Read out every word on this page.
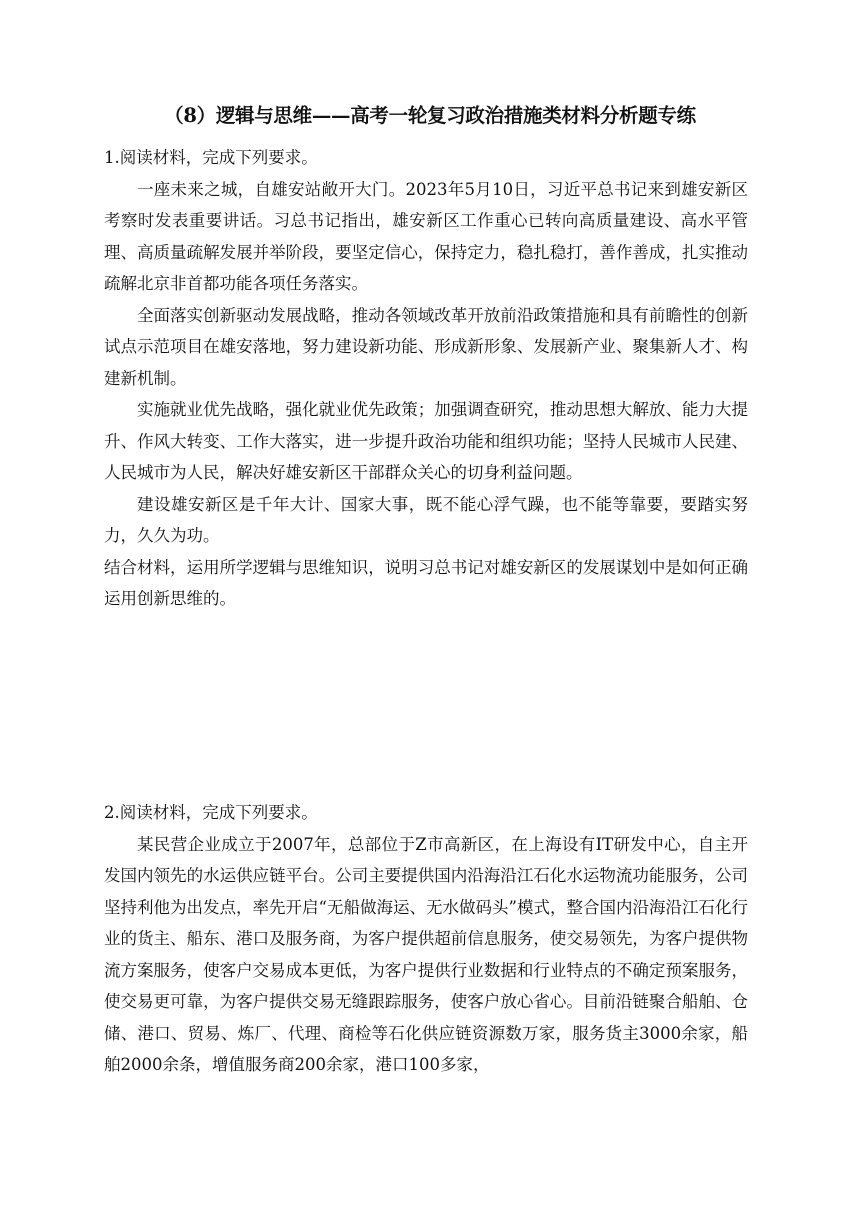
（8）逻辑与思维——高考一轮复习政治措施类材料分析题专练

1.阅读材料，完成下列要求。

一座未来之城，自雄安站敞开大门。2023年5月10日，习近平总书记来到雄安新区考察时发表重要讲话。习总书记指出，雄安新区工作重心已转向高质量建设、高水平管理、高质量疏解发展并举阶段，要坚定信心，保持定力，稳扎稳打，善作善成，扎实推动疏解北京非首都功能各项任务落实。

全面落实创新驱动发展战略，推动各领域改革开放前沿政策措施和具有前瞻性的创新试点示范项目在雄安落地，努力建设新功能、形成新形象、发展新产业、聚集新人才、构建新机制。

实施就业优先战略，强化就业优先政策；加强调查研究，推动思想大解放、能力大提升、作风大转变、工作大落实，进一步提升政治功能和组织功能；坚持人民城市人民建、人民城市为人民，解决好雄安新区干部群众关心的切身利益问题。

建设雄安新区是千年大计、国家大事，既不能心浮气躁，也不能等靠要，要踏实努力，久久为功。

结合材料，运用所学逻辑与思维知识，说明习总书记对雄安新区的发展谋划中是如何正确运用创新思维的。

2.阅读材料，完成下列要求。

某民营企业成立于2007年，总部位于Z市高新区，在上海设有IT研发中心，自主开发国内领先的水运供应链平台。公司主要提供国内沿海沿江石化水运物流功能服务，公司坚持利他为出发点，率先开启“无船做海运、无水做码头”模式，整合国内沿海沿江石化行业的货主、船东、港口及服务商，为客户提供超前信息服务，使交易领先，为客户提供物流方案服务，使客户交易成本更低，为客户提供行业数据和行业特点的不确定预案服务，使交易更可靠，为客户提供交易无缝跟踪服务，使客户放心省心。目前沿链聚合船舶、仓储、港口、贸易、炼厂、代理、商检等石化供应链资源数万家，服务货主3000余家，船舶2000余条，增值服务商200余家，港口100多家，
